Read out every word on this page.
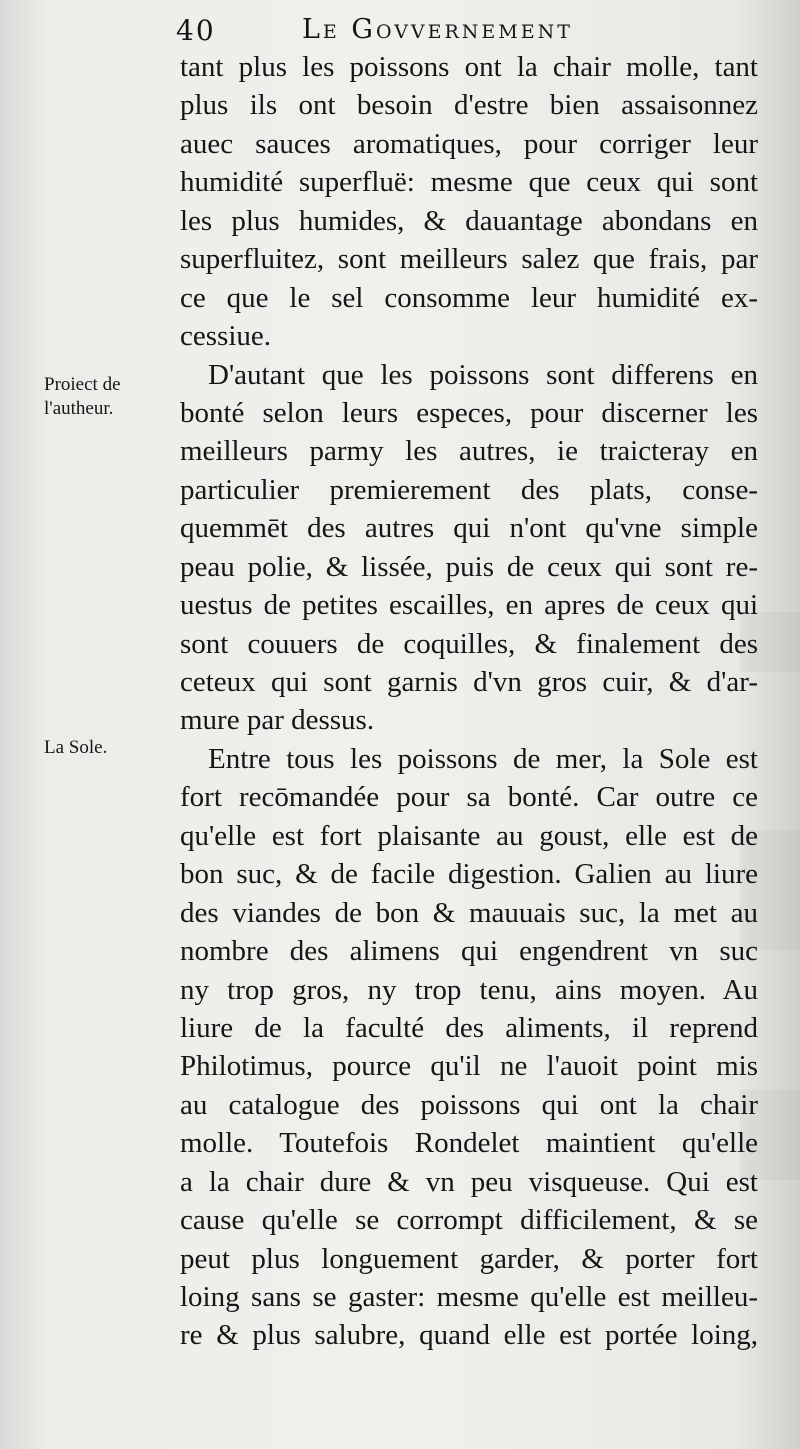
40	Le Govvernement
Proiect de l'autheur.
La Sole.
tant plus les poissons ont la chair molle, tant
plus ils ont besoin d'estre bien assaisonnez
auec sauces aromatiques, pour corriger leur
humidité superfluë: mesme que ceux qui sont
les plus humides, & dauantage abondans en
superfluitez, sont meilleurs salez que frais, par
ce que le sel consomme leur humidité ex-
cessiue.
D'autant que les poissons sont differens en
bonté selon leurs especes, pour discerner les
meilleurs parmy les autres, ie traicteray en
particulier premierement des plats, conse-
quemmēt des autres qui n'ont qu'vne simple
peau polie, & lissée, puis de ceux qui sont re-
uestus de petites escailles, en apres de ceux qui
sont couuers de coquilles, & finalement des
ceteux qui sont garnis d'vn gros cuir, & d'ar-
mure par dessus.
Entre tous les poissons de mer, la Sole est
fort recōmandée pour sa bonté. Car outre ce
qu'elle est fort plaisante au goust, elle est de
bon suc, & de facile digestion. Galien au liure
des viandes de bon & mauuais suc, la met au
nombre des alimens qui engendrent vn suc
ny trop gros, ny trop tenu, ains moyen. Au
liure de la faculté des aliments, il reprend
Philotimus, pource qu'il ne l'auoit point mis
au catalogue des poissons qui ont la chair
molle. Toutefois Rondelet maintient qu'elle
a la chair dure & vn peu visqueuse. Qui est
cause qu'elle se corrompt difficilement, & se
peut plus longuement garder, & porter fort
loing sans se gaster: mesme qu'elle est meilleu-
re & plus salubre, quand elle est portée loing,
